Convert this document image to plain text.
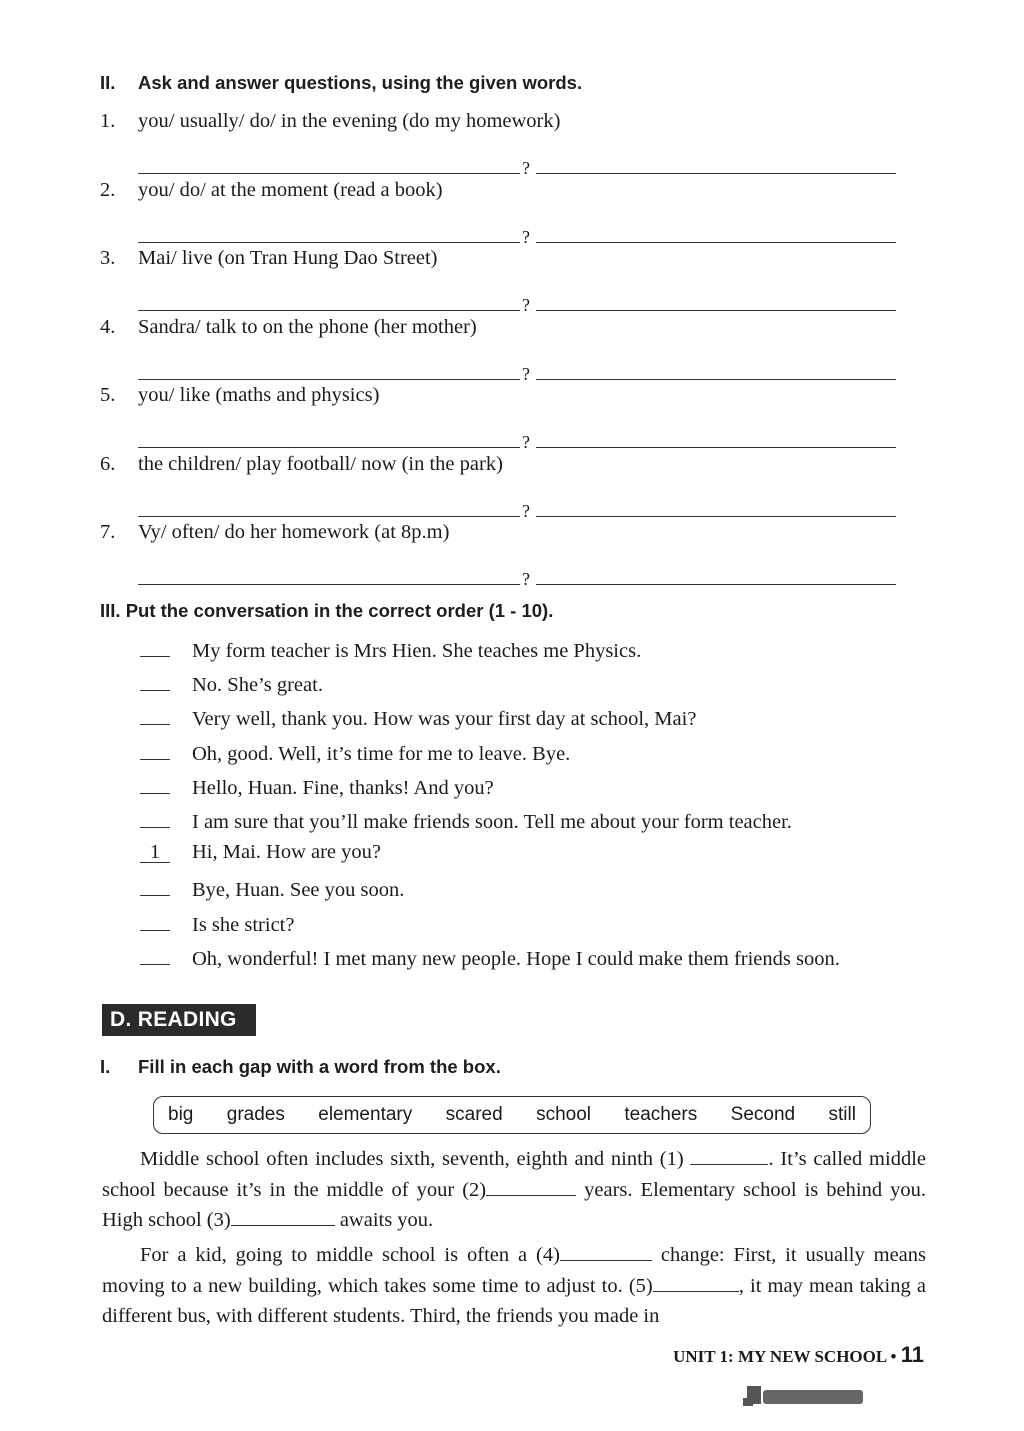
II. Ask and answer questions, using the given words.
1. you/ usually/ do/ in the evening (do my homework)
?
2. you/ do/ at the moment (read a book)
?
3. Mai/ live (on Tran Hung Dao Street)
?
4. Sandra/ talk to on the phone (her mother)
?
5. you/ like (maths and physics)
?
6. the children/ play football/ now (in the park)
?
7. Vy/ often/ do her homework (at 8p.m)
?
III. Put the conversation in the correct order (1 - 10).
My form teacher is Mrs Hien. She teaches me Physics.
No. She’s great.
Very well, thank you. How was your first day at school, Mai?
Oh, good. Well, it’s time for me to leave. Bye.
Hello, Huan. Fine, thanks! And you?
I am sure that you’ll make friends soon. Tell me about your form teacher.
1 Hi, Mai. How are you?
Bye, Huan. See you soon.
Is she strict?
Oh, wonderful! I met many new people. Hope I could make them friends soon.
D. READING
I. Fill in each gap with a word from the box.
big grades elementary scared school teachers Second still

Middle school often includes sixth, seventh, eighth and ninth (1)	. It’s called middle school because it’s in the middle of your (2)	years. Elementary school is behind you. High school (3)	awaits you.

For a kid, going to middle school is often a (4)	change: First, it usually means moving to a new building, which takes some time to adjust to. (5)	, it may mean taking a different bus, with different students. Third, the friends you made in

UNIT 1: MY NEW SCHOOL • 11
